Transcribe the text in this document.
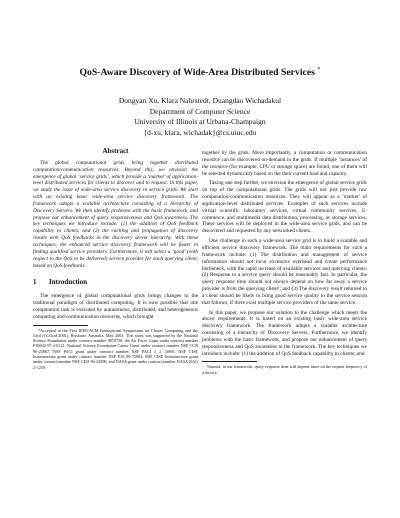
QoS-Aware Discovery of Wide-Area Distributed Services *
Dongyan Xu, Klara Nahrstedt, Duangdao Wichadakul
Department of Computer Science
University of Illinois at Urbana-Champaign
{d-xu, klara, wichadak}@cs.uiuc.edu
Abstract

The global computational grids bring together distributed computation/communication resources. Beyond this, we envision the emergence of global ‘service grids’, which provide a ‘market’ of application-level distributed services for clients to discover and to request. In this paper, we study the issue of wide-area service discovery in service grids. We start with an existing basic wide-area service discovery framework. The framework adopts a scalable architecture consisting of a hierarchy of Discovery Servers. We then identify problems with the basic framework, and propose our enhancement of query responsiveness and QoS awareness. The key techniques we introduce include: (1) the addition of QoS feedback capability to clients; and (2) the caching and propagation of discovery results with QoS feedbacks in the discovery server hierarchy. With these techniques, the enhanced service discovery framework will be faster in finding qualified service providers. Furthermore, it will select a ‘good’ (with respect to the QoS to be delivered) service provider for each querying client, based on QoS feedbacks.

1 Introduction

The emergence of global computational grids brings changes to the traditional paradigm of distributed computing. It is now possible that one computation task is executed by autonomous, distributed, and heterogeneous computing and communication resources, which brought

*Accepted to the First IEEE/ACM International Symposium on Cluster Computing and the Grid (CCGrid 2001), Brisbane, Australia, May 2001. This work was supported by the National Science Foundation under contract number 9870736, the Air Force Grant under contract number F30602-97-2-0121, National Science Foundation Career Grant under contract number NSF CCR 96-23867, NSF PACI grant under contract number NSF PACI 1 1 13006, NSF CISE Infrastructure grant under contract number NSF EIA 99-72884, NSF CISE Infrastructure grant under contract number NSF CDA 96-24396, and NASA grant under contract number NASA NAG 2-1250.

together by the grids. More importantly, a computation or communication resource can be discovered on-demand in the grids. If multiple ‘instances’ of the resource (for example, CPU or storage space) are found, one of them will be selected dynamically based on the their current load and capacity.

Taking one step further, we envision the emergence of global service grids on top of the computational grids. The grids will not just provide raw computation/communication resources. They will appear as a ‘market’ of application-level distributed services. Examples of such services include virtual scientific laboratory services, virtual community services, E-commerce, and multimedia data distribution, processing, or storage services. These services will be deployed in the wide-area service grids, and can be discovered and requested by any networked clients.

One challenge in such a wide-area service grid is to build a scalable and efficient service discovery framework. The main requirements for such a framework include: (1) The distribution and management of service information should not incur excessive overhead and create performance bottleneck, with the rapid increase of available services and querying clients; (2) Response to a service query should be reasonably fast. In particular, the query response time should not always depend on how far away a service provider is from the querying client¹; and (3) The discovery result returned to a client should be likely to bring good service quality to the service session that follows, if there exist multiple service providers of the same service.

In this paper, we propose our solution to the challenge which meets the above requirements. It is based on an existing basic wide-area service discovery framework. The framework adopts a scalable architecture consisting of a hierarchy of Discovery Servers. Furthermore, we identify problems with the basic framework, and propose our enhancement of query responsiveness and QoS awareness to the framework. The key techniques we introduce include: (1) the addition of QoS feedback capability to clients; and

¹Instead, in our framework, query response time will depend more on the request frequency of a service.
